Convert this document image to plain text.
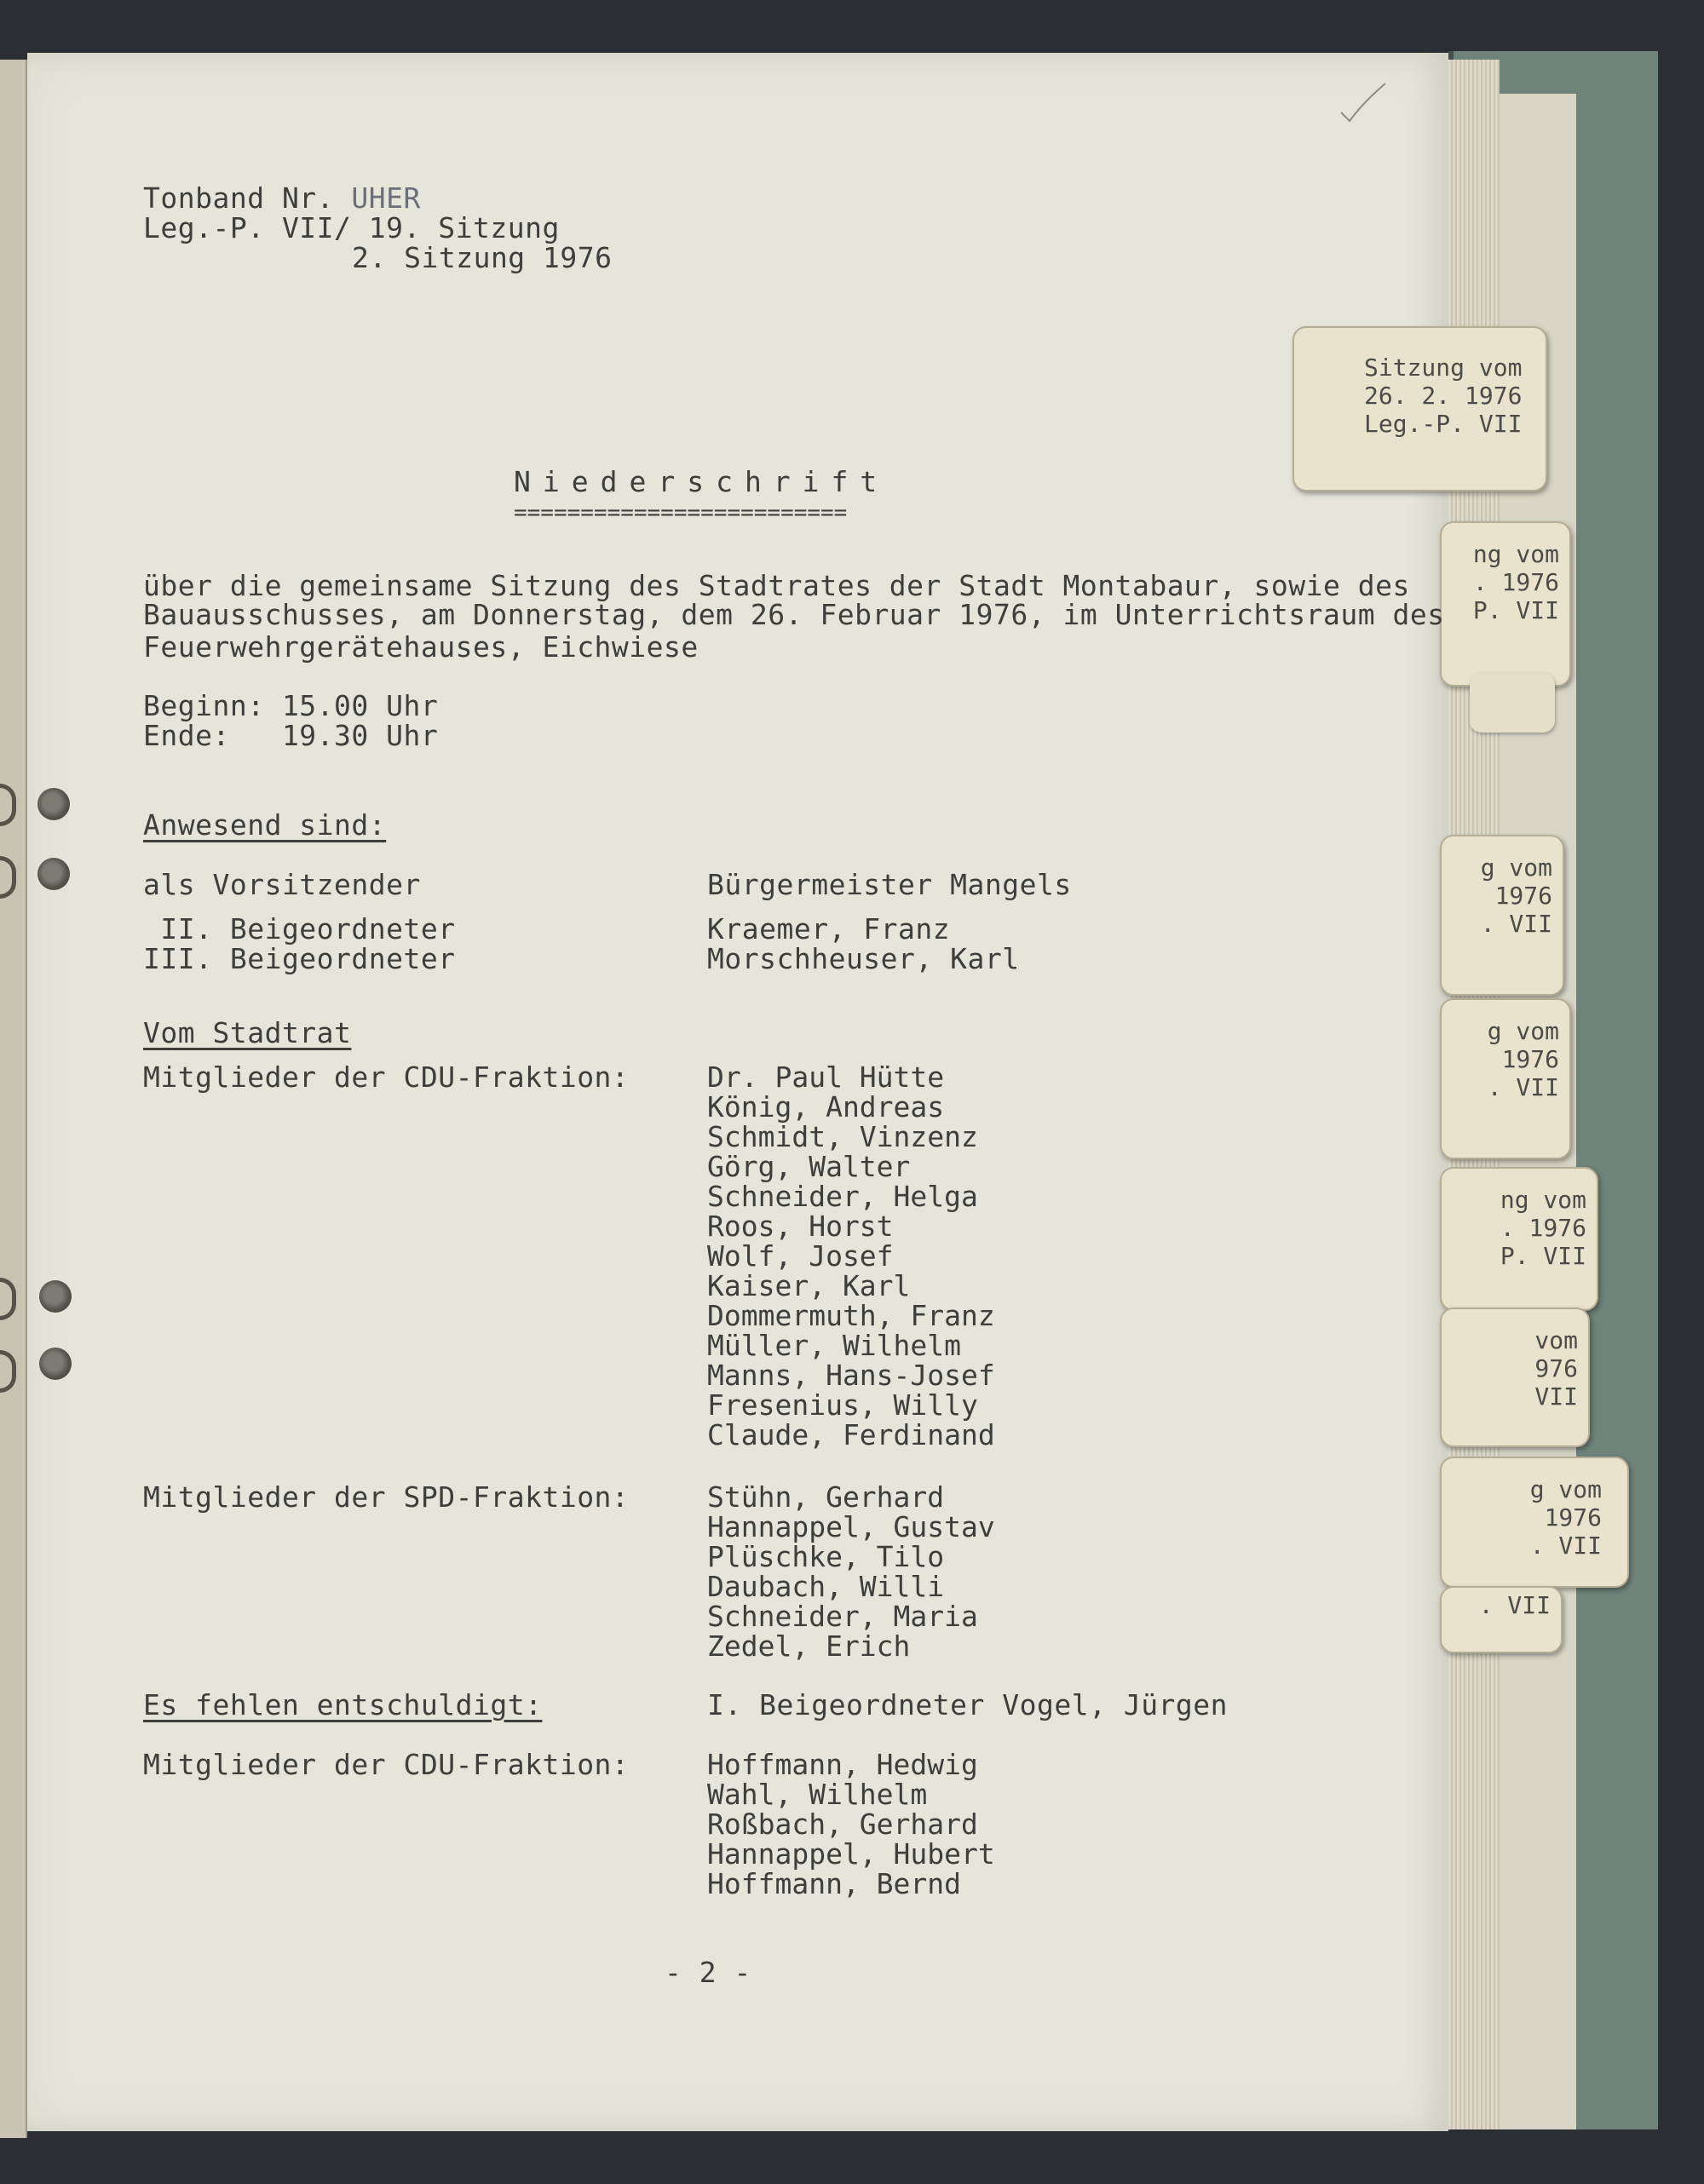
ng vom
. 1976
P. VII
g vom
1976
. VII
g vom
1976
. VII
ng vom
. 1976
P. VII
vom
976
VII
g vom
1976
. VII
. VII
Sitzung vom
26. 2. 1976
Leg.-P. VII
Tonband Nr. UHER
Leg.-P. VII/ 19. Sitzung
2. Sitzung 1976
Niederschrift
=========================
über die gemeinsame Sitzung des Stadtrates der Stadt Montabaur, sowie des
Bauausschusses, am Donnerstag, dem 26. Februar 1976, im Unterrichtsraum des
Feuerwehrgerätehauses, Eichwiese
Beginn: 15.00 Uhr
Ende:   19.30 Uhr
Anwesend sind:
als Vorsitzender	Bürgermeister Mangels
II. Beigeordneter	Kraemer, Franz
III. Beigeordneter	Morschheuser, Karl
Vom Stadtrat
Mitglieder der CDU-Fraktion:	Dr. Paul Hütte
König, Andreas
Schmidt, Vinzenz
Görg, Walter
Schneider, Helga
Roos, Horst
Wolf, Josef
Kaiser, Karl
Dommermuth, Franz
Müller, Wilhelm
Manns, Hans-Josef
Fresenius, Willy
Claude, Ferdinand
Mitglieder der SPD-Fraktion:	Stühn, Gerhard
Hannappel, Gustav
Plüschke, Tilo
Daubach, Willi
Schneider, Maria
Zedel, Erich
Es fehlen entschuldigt:	I. Beigeordneter Vogel, Jürgen
Mitglieder der CDU-Fraktion:	Hoffmann, Hedwig
Wahl, Wilhelm
Roßbach, Gerhard
Hannappel, Hubert
Hoffmann, Bernd
- 2 -
